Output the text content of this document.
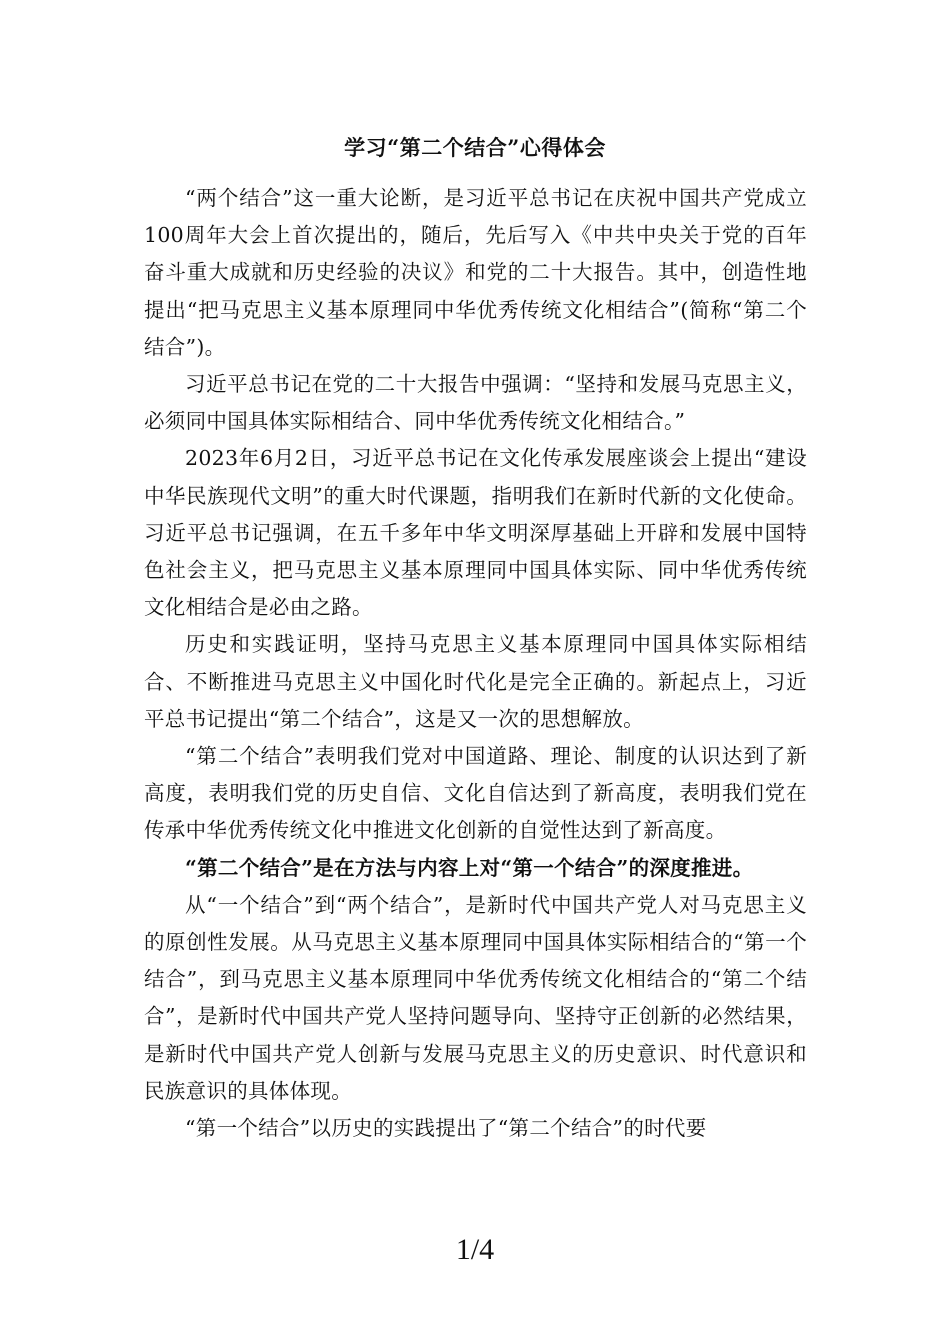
学习“第二个结合”心得体会

“两个结合”这一重大论断，是习近平总书记在庆祝中国共产党成立100周年大会上首次提出的，随后，先后写入《中共中央关于党的百年奋斗重大成就和历史经验的决议》和党的二十大报告。其中，创造性地提出“把马克思主义基本原理同中华优秀传统文化相结合”(简称“第二个结合”)。

习近平总书记在党的二十大报告中强调：“坚持和发展马克思主义，必须同中国具体实际相结合、同中华优秀传统文化相结合。”

2023年6月2日，习近平总书记在文化传承发展座谈会上提出“建设中华民族现代文明”的重大时代课题，指明我们在新时代新的文化使命。习近平总书记强调，在五千多年中华文明深厚基础上开辟和发展中国特色社会主义，把马克思主义基本原理同中国具体实际、同中华优秀传统文化相结合是必由之路。

历史和实践证明，坚持马克思主义基本原理同中国具体实际相结合、不断推进马克思主义中国化时代化是完全正确的。新起点上，习近平总书记提出“第二个结合”，这是又一次的思想解放。

“第二个结合”表明我们党对中国道路、理论、制度的认识达到了新高度，表明我们党的历史自信、文化自信达到了新高度，表明我们党在传承中华优秀传统文化中推进文化创新的自觉性达到了新高度。

“第二个结合”是在方法与内容上对“第一个结合”的深度推进。

从“一个结合”到“两个结合”，是新时代中国共产党人对马克思主义的原创性发展。从马克思主义基本原理同中国具体实际相结合的“第一个结合”，到马克思主义基本原理同中华优秀传统文化相结合的“第二个结合”，是新时代中国共产党人坚持问题导向、坚持守正创新的必然结果，是新时代中国共产党人创新与发展马克思主义的历史意识、时代意识和民族意识的具体体现。

“第一个结合”以历史的实践提出了“第二个结合”的时代要

1/4
